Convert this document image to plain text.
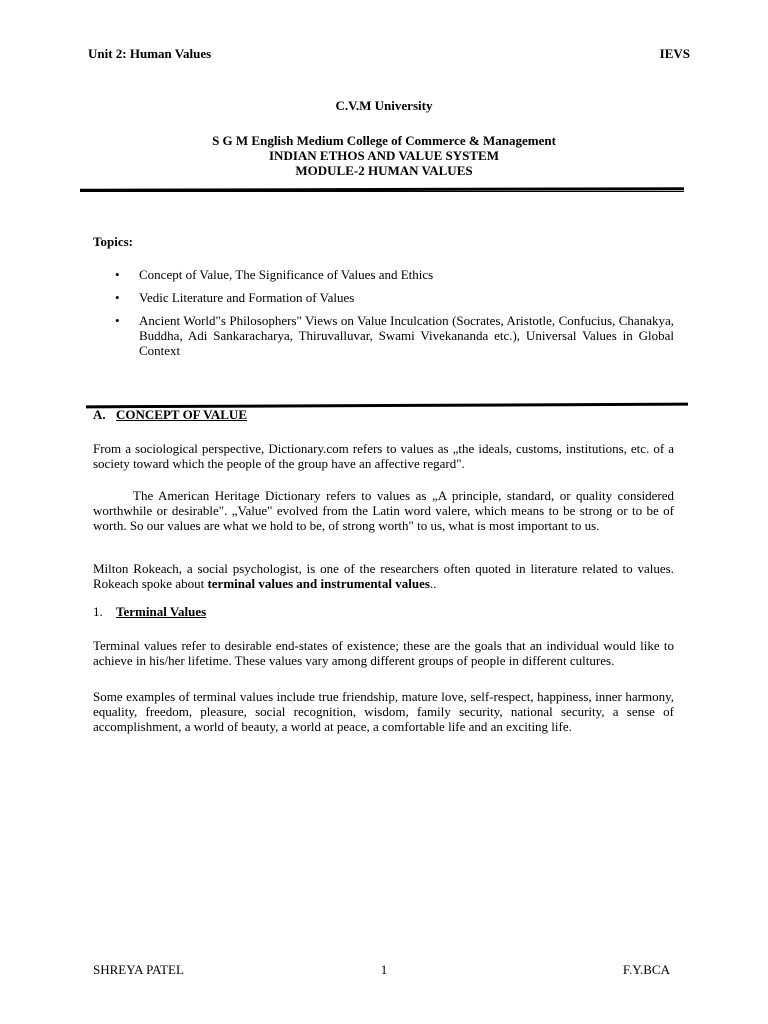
Unit 2: Human Values	IEVS
C.V.M University
S G M English Medium College of Commerce & Management
INDIAN ETHOS AND VALUE SYSTEM
MODULE-2 HUMAN VALUES
Topics:
• Concept of Value, The Significance of Values and Ethics
• Vedic Literature and Formation of Values
• Ancient World"s Philosophers" Views on Value Inculcation (Socrates, Aristotle, Confucius, Chanakya, Buddha, Adi Sankaracharya, Thiruvalluvar, Swami Vivekananda etc.), Universal Values in Global Context
A. CONCEPT OF VALUE

From a sociological perspective, Dictionary.com refers to values as „the ideals, customs, institutions, etc. of a society toward which the people of the group have an affective regard".

The American Heritage Dictionary refers to values as „A principle, standard, or quality considered worthwhile or desirable". „Value" evolved from the Latin word valere, which means to be strong or to be of worth. So our values are what we hold to be, of strong worth" to us, what is most important to us.

Milton Rokeach, a social psychologist, is one of the researchers often quoted in literature related to values. Rokeach spoke about terminal values and instrumental values..

1. Terminal Values

Terminal values refer to desirable end-states of existence; these are the goals that an individual would like to achieve in his/her lifetime. These values vary among different groups of people in different cultures.

Some examples of terminal values include true friendship, mature love, self-respect, happiness, inner harmony, equality, freedom, pleasure, social recognition, wisdom, family security, national security, a sense of accomplishment, a world of beauty, a world at peace, a comfortable life and an exciting life.

SHREYA PATEL	1	F.Y.BCA
